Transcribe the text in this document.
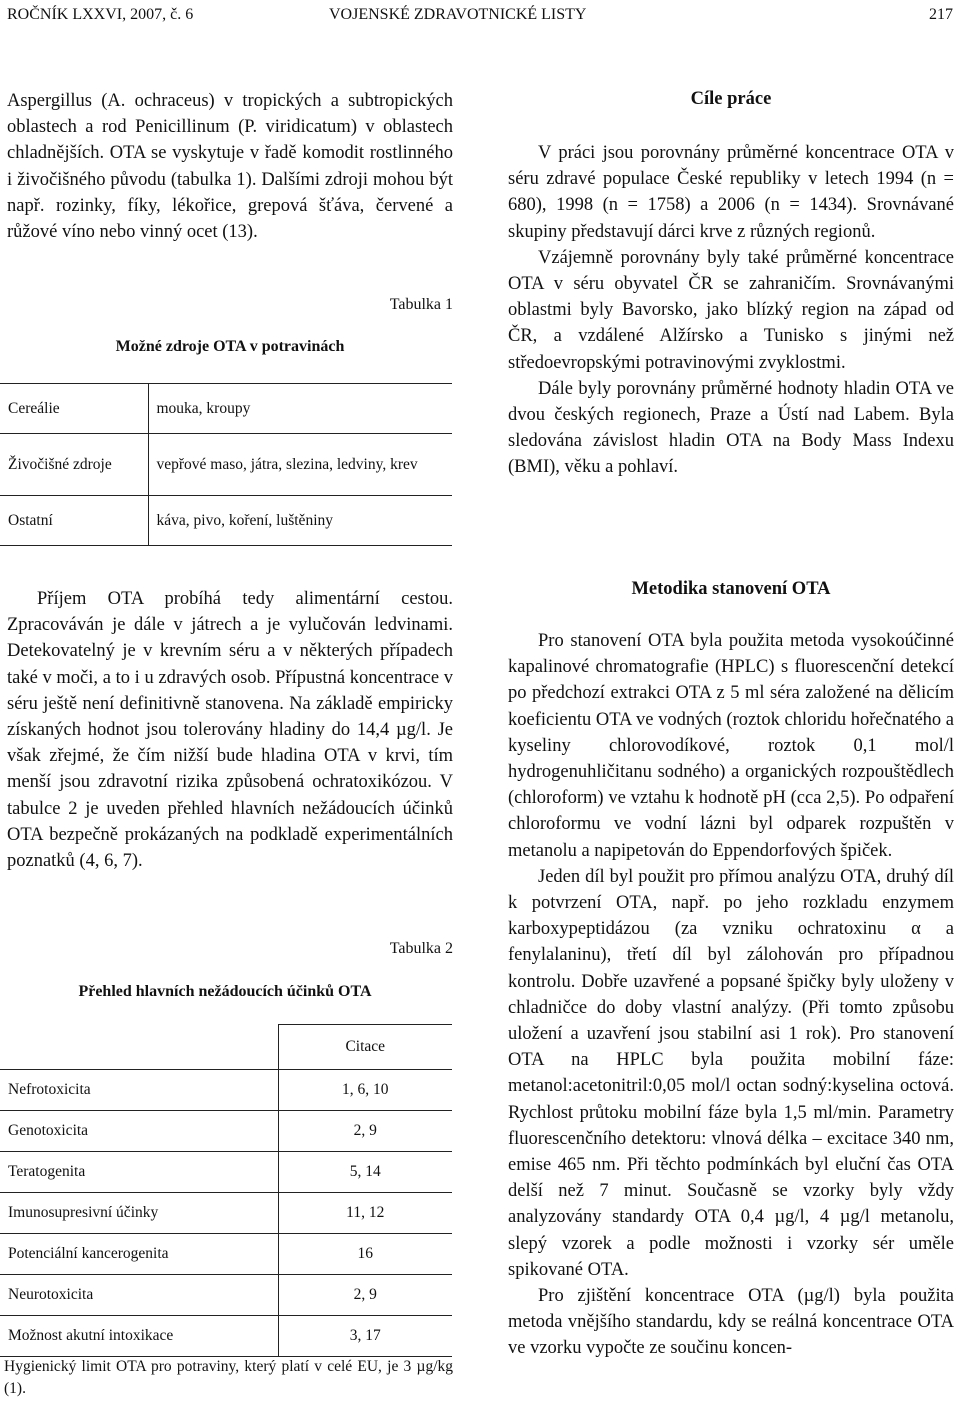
ROČNÍK LXXVI, 2007, č. 6	VOJENSKÉ ZDRAVOTNICKÉ LISTY	217

Aspergillus (A. ochraceus) v tropických a subtropických oblastech a rod Penicillinum (P. viridicatum) v oblastech chladnějších. OTA se vyskytuje v řadě komodit rostlinného i živočišného původu (tabulka 1). Dalšími zdroji mohou být např. rozinky, fíky, lékořice, grepová šťáva, červené a růžové víno nebo vinný ocet (13).

Tabulka 1
Možné zdroje OTA v potravinách
Cereálie	mouka, kroupy
Živočišné zdroje	vepřové maso, játra, slezina, ledviny, krev
Ostatní	káva, pivo, koření, luštěniny

Příjem OTA probíhá tedy alimentární cestou. Zpracováván je dále v játrech a je vylučován ledvinami. Detekovatelný je v krevním séru a v některých případech také v moči, a to i u zdravých osob. Přípustná koncentrace v séru ještě není definitivně stanovena. Na základě empiricky získaných hodnot jsou tolerovány hladiny do 14,4 µg/l. Je však zřejmé, že čím nižší bude hladina OTA v krvi, tím menší jsou zdravotní rizika způsobená ochratoxikózou. V tabulce 2 je uveden přehled hlavních nežádoucích účinků OTA bezpečně prokázaných na podkladě experimentálních poznatků (4, 6, 7).

Tabulka 2
Přehled hlavních nežádoucích účinků OTA
	Citace
Nefrotoxicita	1, 6, 10
Genotoxicita	2, 9
Teratogenita	5, 14
Imunosupresivní účinky	11, 12
Potenciální kancerogenita	16
Neurotoxicita	2, 9
Možnost akutní intoxikace	3, 17
Hygienický limit OTA pro potraviny, který platí v celé EU, je 3 µg/kg (1).
Cíle práce

V práci jsou porovnány průměrné koncentrace OTA v séru zdravé populace České republiky v letech 1994 (n = 680), 1998 (n = 1758) a 2006 (n = 1434). Srovnávané skupiny představují dárci krve z různých regionů.

Vzájemně porovnány byly také průměrné koncentrace OTA v séru obyvatel ČR se zahraničím. Srovnávanými oblastmi byly Bavorsko, jako blízký region na západ od ČR, a vzdálené Alžírsko a Tunisko s jinými než středoevropskými potravinovými zvyklostmi.

Dále byly porovnány průměrné hodnoty hladin OTA ve dvou českých regionech, Praze a Ústí nad Labem. Byla sledována závislost hladin OTA na Body Mass Indexu (BMI), věku a pohlaví.

Metodika stanovení OTA

Pro stanovení OTA byla použita metoda vysokoúčinné kapalinové chromatografie (HPLC) s fluorescenční detekcí po předchozí extrakci OTA z 5 ml séra založené na dělicím koeficientu OTA ve vodných (roztok chloridu hořečnatého a kyseliny chlorovodíkové, roztok 0,1 mol/l hydrogenuhličitanu sodného) a organických rozpouštědlech (chloroform) ve vztahu k hodnotě pH (cca 2,5). Po odpaření chloroformu ve vodní lázni byl odparek rozpuštěn v metanolu a napipetován do Eppendorfových špiček.

Jeden díl byl použit pro přímou analýzu OTA, druhý díl k potvrzení OTA, např. po jeho rozkladu enzymem karboxypeptidázou (za vzniku ochratoxinu α a fenylalaninu), třetí díl byl zálohován pro případnou kontrolu. Dobře uzavřené a popsané špičky byly uloženy v chladničce do doby vlastní analýzy. (Při tomto způsobu uložení a uzavření jsou stabilní asi 1 rok). Pro stanovení OTA na HPLC byla použita mobilní fáze: metanol:acetonitril:0,05 mol/l octan sodný:kyselina octová. Rychlost průtoku mobilní fáze byla 1,5 ml/min. Parametry fluorescenčního detektoru: vlnová délka – excitace 340 nm, emise 465 nm. Při těchto podmínkách byl eluční čas OTA delší než 7 minut. Současně se vzorky byly vždy analyzovány standardy OTA 0,4 µg/l, 4 µg/l metanolu, slepý vzorek a podle možnosti i vzorky sér uměle spikované OTA.

Pro zjištění koncentrace OTA (µg/l) byla použita metoda vnějšího standardu, kdy se reálná koncentrace OTA ve vzorku vypočte ze součinu koncen-
